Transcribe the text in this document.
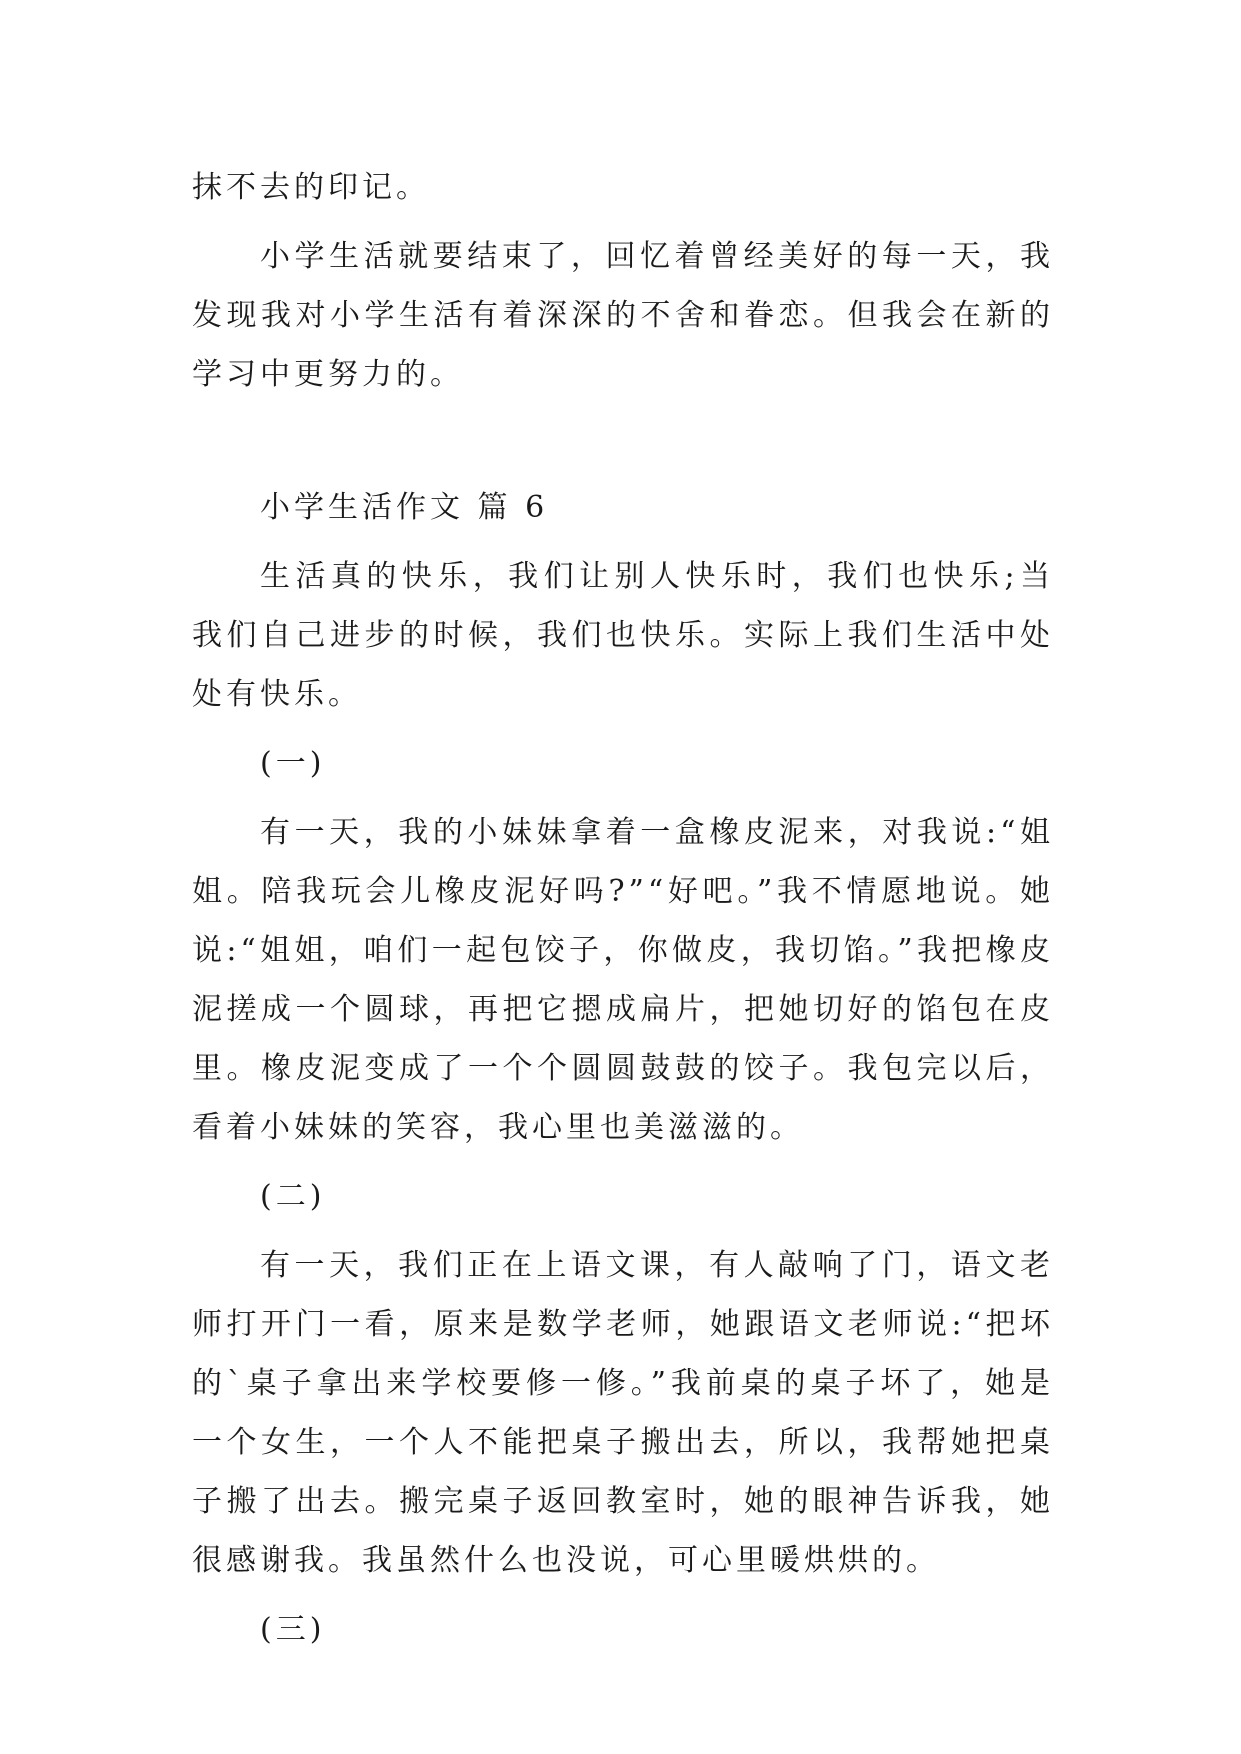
抹不去的印记。

小学生活就要结束了，回忆着曾经美好的每一天，我发现我对小学生活有着深深的不舍和眷恋。但我会在新的学习中更努力的。

小学生活作文 篇 6

生活真的快乐，我们让别人快乐时，我们也快乐;当我们自己进步的时候，我们也快乐。实际上我们生活中处处有快乐。

(一)

有一天，我的小妹妹拿着一盒橡皮泥来，对我说:“姐姐。陪我玩会儿橡皮泥好吗?”“好吧。”我不情愿地说。她说:“姐姐，咱们一起包饺子，你做皮，我切馅。”我把橡皮泥搓成一个圆球，再把它摁成扁片，把她切好的馅包在皮里。橡皮泥变成了一个个圆圆鼓鼓的饺子。我包完以后，看着小妹妹的笑容，我心里也美滋滋的。

(二)

有一天，我们正在上语文课，有人敲响了门，语文老师打开门一看，原来是数学老师，她跟语文老师说:“把坏的`桌子拿出来学校要修一修。”我前桌的桌子坏了，她是一个女生，一个人不能把桌子搬出去，所以，我帮她把桌子搬了出去。搬完桌子返回教室时，她的眼神告诉我，她很感谢我。我虽然什么也没说，可心里暖烘烘的。

(三)
